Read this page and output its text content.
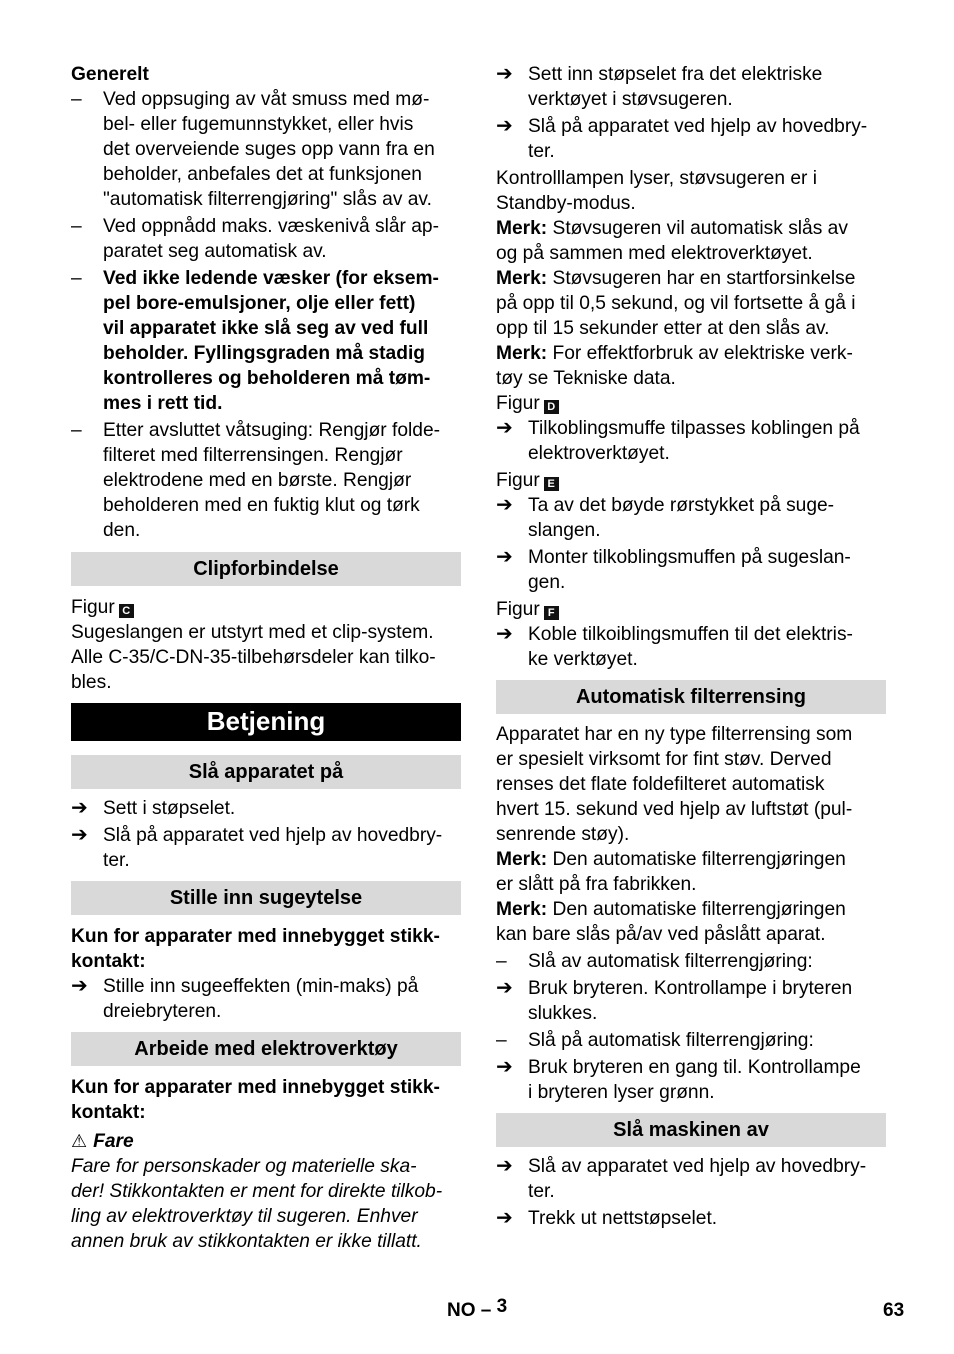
Generelt

–	Ved oppsuging av våt smuss med mø-
bel- eller fugemunnstykket, eller hvis
det overveiende suges opp vann fra en
beholder, anbefales det at funksjonen
"automatisk filterrengjøring" slås av av.
–	Ved oppnådd maks. væskenivå slår ap-
paratet seg automatisk av.
–	Ved ikke ledende væsker (for eksem-
pel bore-emulsjoner, olje eller fett)
vil apparatet ikke slå seg av ved full
beholder. Fyllingsgraden må stadig
kontrolleres og beholderen må tøm-
mes i rett tid.
–	Etter avsluttet våtsuging: Rengjør folde-
filteret med filterrensingen. Rengjør
elektrodene med en børste. Rengjør
beholderen med en fuktig klut og tørk
den.
Clipforbindelse

Figur C

Sugeslangen er utstyrt med et clip-system.
Alle C-35/C-DN-35-tilbehørsdeler kan tilko-
bles.

Betjening
Slå apparatet på
➔ Sett i støpselet.
➔ Slå på apparatet ved hjelp av hovedbry-
ter.
Stille inn sugeytelse

Kun for apparater med innebygget stikk-
kontakt:

➔ Stille inn sugeeffekten (min-maks) på
dreiebryteren.
Arbeide med elektroverktøy

Kun for apparater med innebygget stikk-
kontakt:

⚠ Fare

Fare for personskader og materielle ska-
der! Stikkontakten er ment for direkte tilkob-
ling av elektroverktøy til sugeren. Enhver
annen bruk av stikkontakten er ikke tillatt.

➔ Sett inn støpselet fra det elektriske
verktøyet i støvsugeren.
➔ Slå på apparatet ved hjelp av hovedbry-
ter.

Kontrolllampen lyser, støvsugeren er i
Standby-modus.

Merk: Støvsugeren vil automatisk slås av
og på sammen med elektroverktøyet.

Merk: Støvsugeren har en startforsinkelse
på opp til 0,5 sekund, og vil fortsette å gå i
opp til 15 sekunder etter at den slås av.

Merk: For effektforbruk av elektriske verk-
tøy se Tekniske data.

Figur D

➔ Tilkoblingsmuffe tilpasses koblingen på
elektroverktøyet.

Figur E

➔ Ta av det bøyde rørstykket på suge-
slangen.
➔ Monter tilkoblingsmuffen på sugeslan-
gen.

Figur F

➔ Koble tilkoiblingsmuffen til det elektris-
ke verktøyet.
Automatisk filterrensing

Apparatet har en ny type filterrensing som
er spesielt virksomt for fint støv. Derved
renses det flate foldefilteret automatisk
hvert 15. sekund ved hjelp av luftstøt (pul-
senrende støy).

Merk: Den automatiske filterrengjøringen
er slått på fra fabrikken.

Merk: Den automatiske filterrengjøringen
kan bare slås på/av ved påslått aparat.

–	Slå av automatisk filterrengjøring:
➔ Bruk bryteren. Kontrollampe i bryteren
slukkes.
–	Slå på automatisk filterrengjøring:
➔ Bruk bryteren en gang til. Kontrollampe
i bryteren lyser grønn.
Slå maskinen av
➔ Slå av apparatet ved hjelp av hovedbry-
ter.
➔ Trekk ut nettstøpselet.
NO – 3	63
